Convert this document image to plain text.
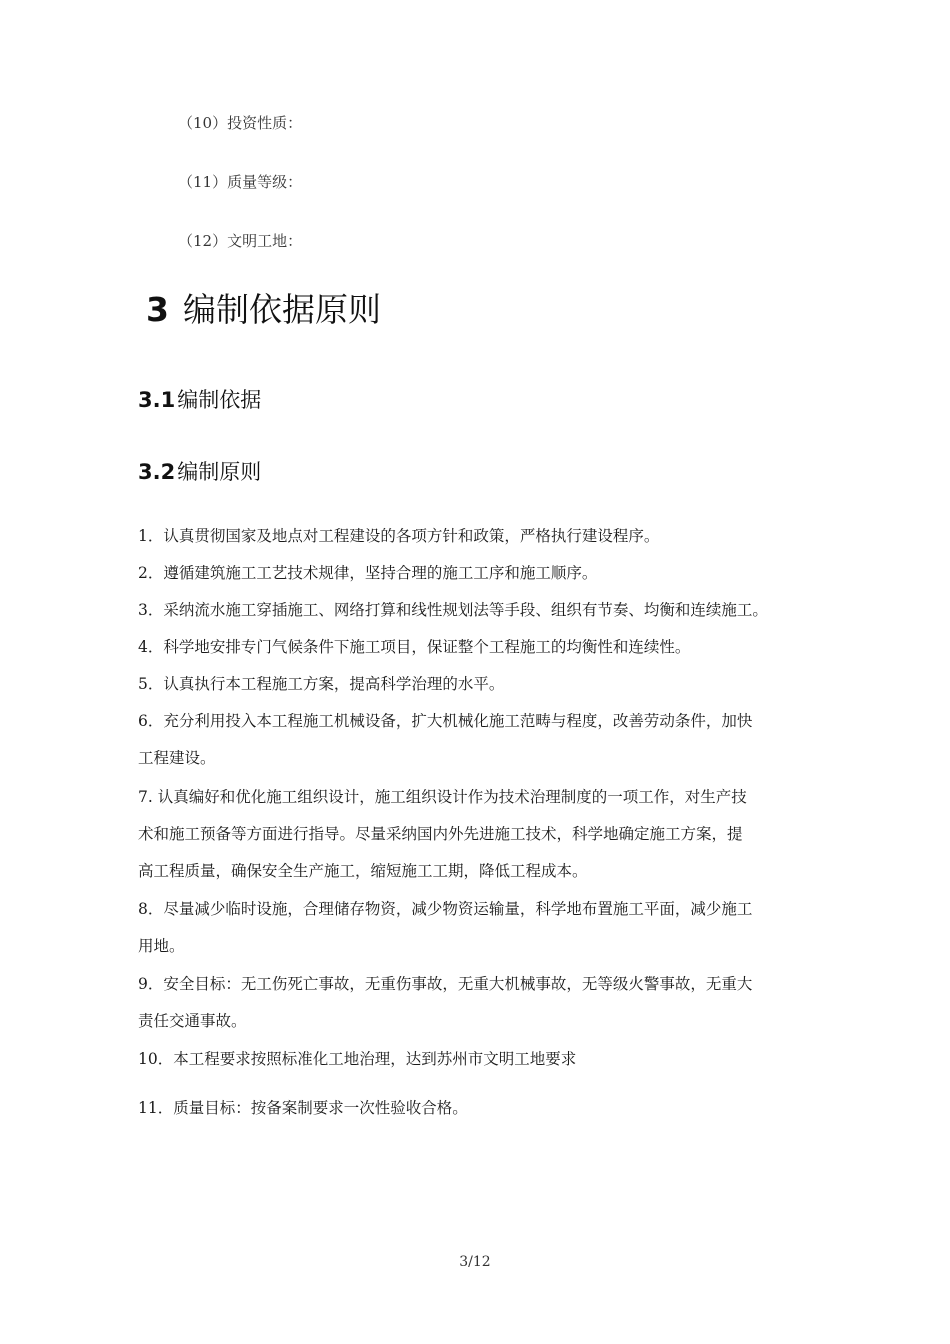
（10）投资性质：
（11）质量等级：
（12）文明工地：
3 编制依据原则
3.1编制依据
3.2编制原则
1．认真贯彻国家及地点对工程建设的各项方针和政策，严格执行建设程序。
2．遵循建筑施工工艺技术规律，坚持合理的施工工序和施工顺序。
3．采纳流水施工穿插施工、网络打算和线性规划法等手段、组织有节奏、均衡和连续施工。
4．科学地安排专门气候条件下施工项目，保证整个工程施工的均衡性和连续性。
5．认真执行本工程施工方案，提高科学治理的水平。
6．充分利用投入本工程施工机械设备，扩大机械化施工范畴与程度，改善劳动条件，加快
工程建设。
7. 认真编好和优化施工组织设计，施工组织设计作为技术治理制度的一项工作，对生产技
术和施工预备等方面进行指导。尽量采纳国内外先进施工技术，科学地确定施工方案，提
高工程质量，确保安全生产施工，缩短施工工期，降低工程成本。
8．尽量减少临时设施，合理储存物资，减少物资运输量，科学地布置施工平面，减少施工
用地。
9．安全目标：无工伤死亡事故，无重伤事故，无重大机械事故，无等级火警事故，无重大
责任交通事故。
10．本工程要求按照标准化工地治理，达到苏州市文明工地要求
11．质量目标：按备案制要求一次性验收合格。
3/12
